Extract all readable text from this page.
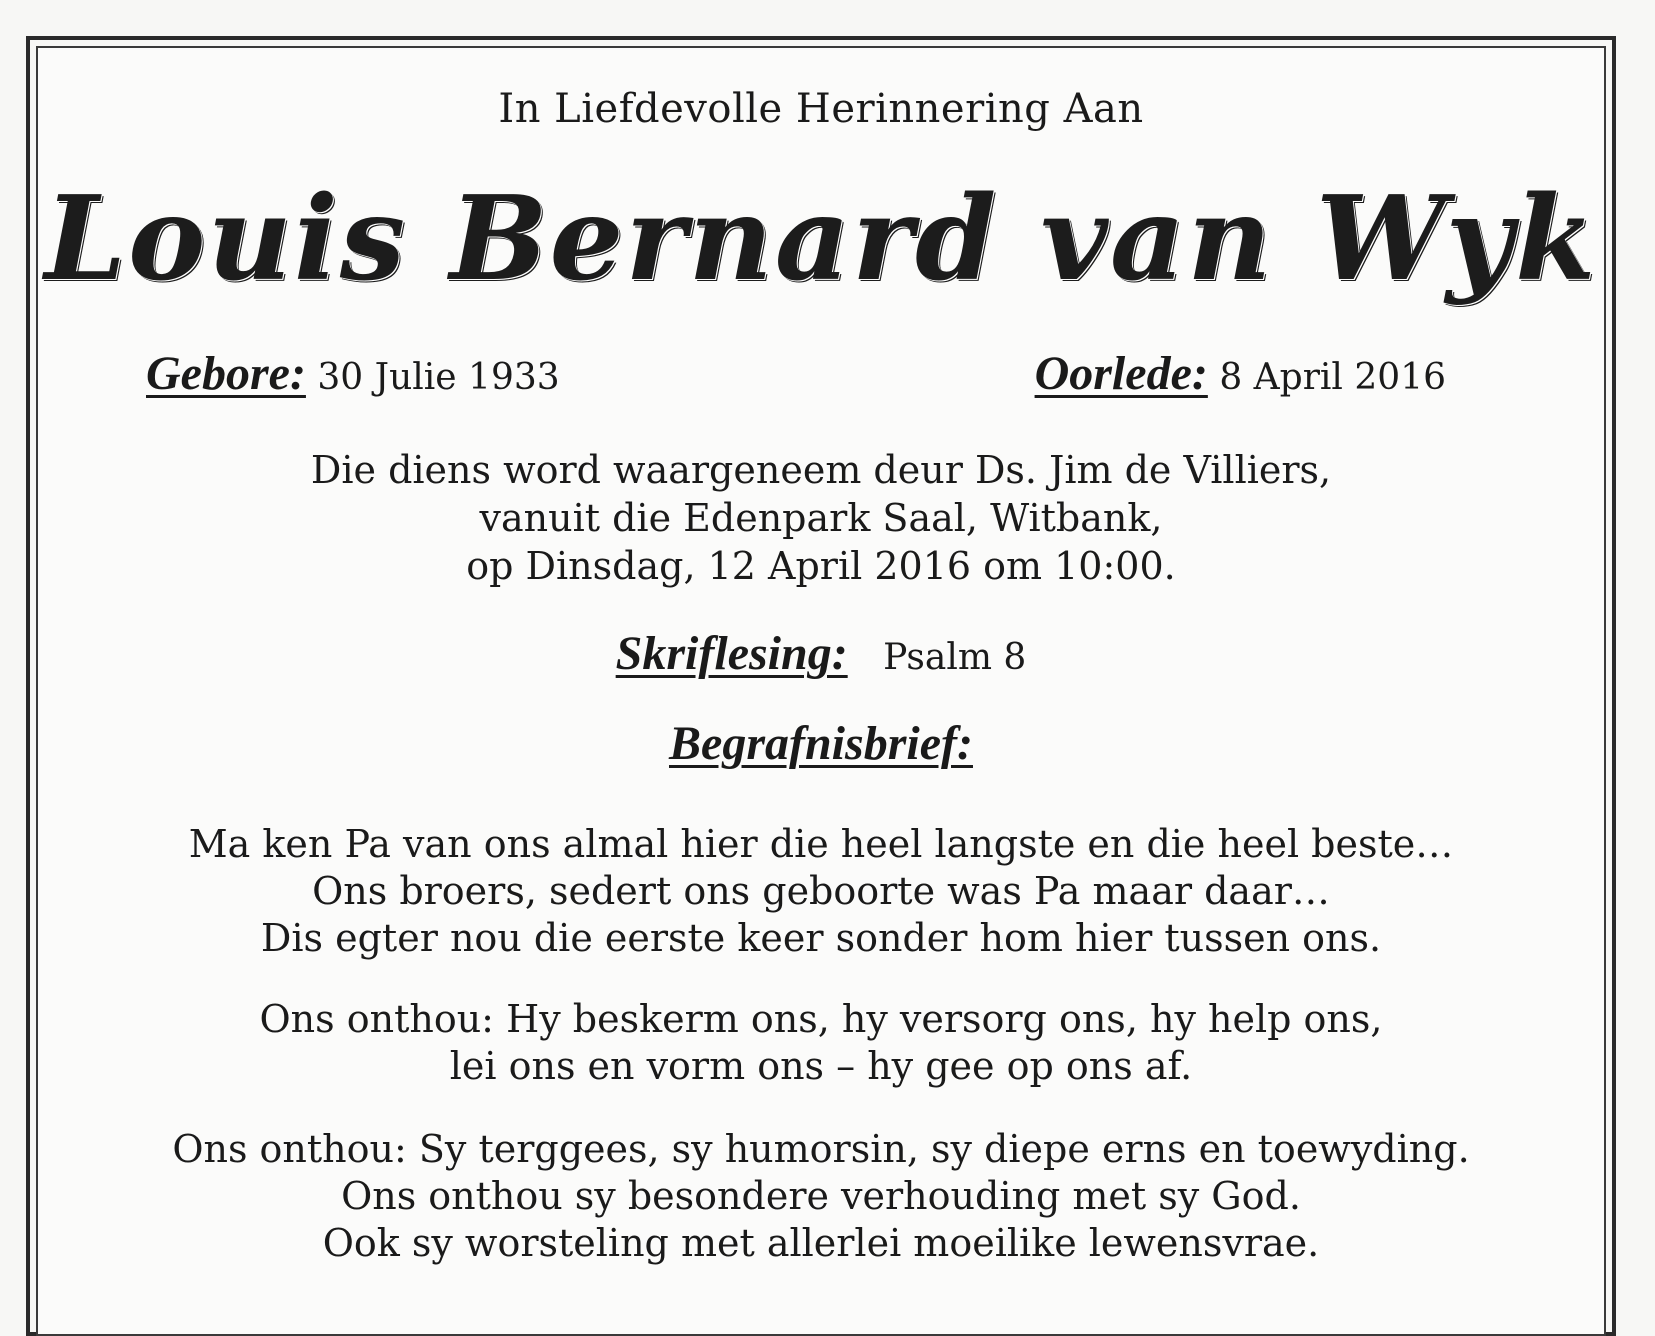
In Liefdevolle Herinnering Aan
Louis Bernard van Wyk
Gebore: 30 Julie 1933	Oorlede: 8 April 2016
Die diens word waargeneem deur Ds. Jim de Villiers,
vanuit die Edenpark Saal, Witbank,
op Dinsdag, 12 April 2016 om 10:00.
Skriflesing: Psalm 8
Begrafnisbrief:
Ma ken Pa van ons almal hier die heel langste en die heel beste…
Ons broers, sedert ons geboorte was Pa maar daar…
Dis egter nou die eerste keer sonder hom hier tussen ons.
Ons onthou: Hy beskerm ons, hy versorg ons, hy help ons,
lei ons en vorm ons – hy gee op ons af.
Ons onthou: Sy terggees, sy humorsin, sy diepe erns en toewyding.
Ons onthou sy besondere verhouding met sy God.
Ook sy worsteling met allerlei moeilike lewensvrae.
